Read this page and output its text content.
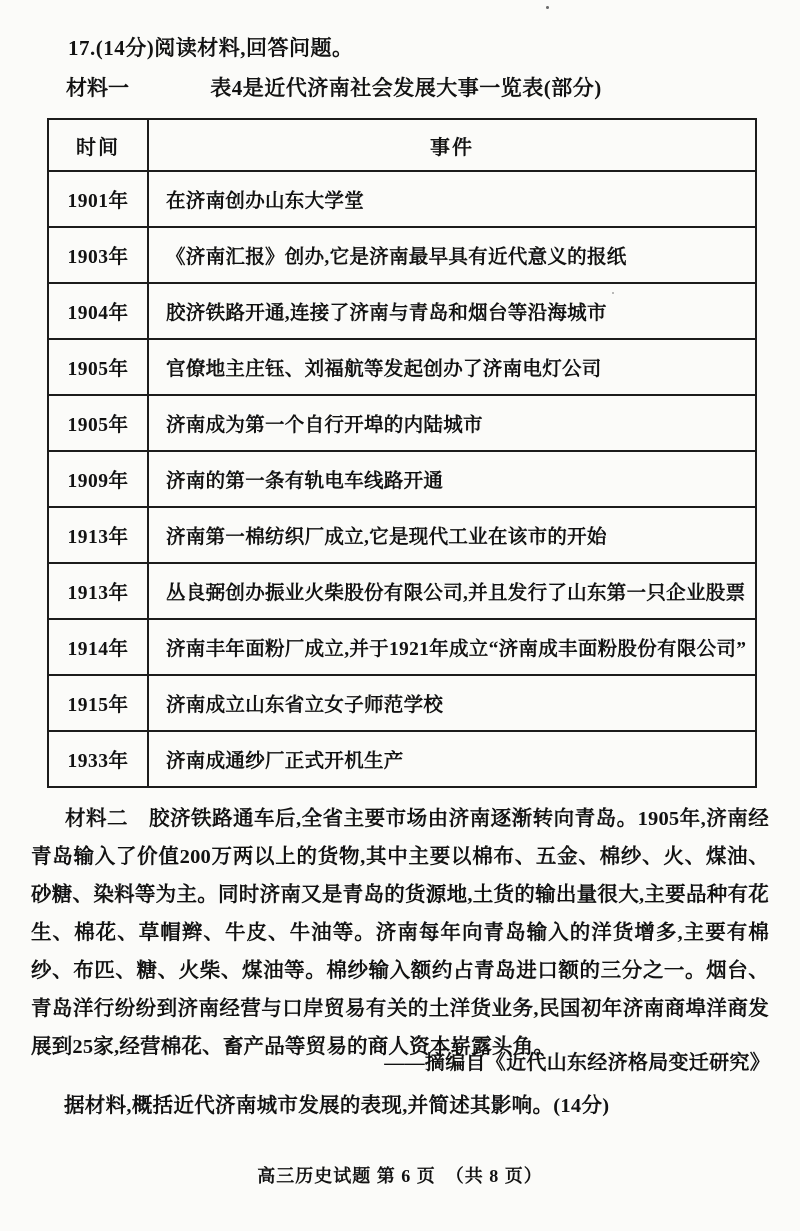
17.(14分)阅读材料,回答问题。
材料一	表4是近代济南社会发展大事一览表(部分)
时间	事件
1901年	在济南创办山东大学堂
1903年	《济南汇报》创办,它是济南最早具有近代意义的报纸
1904年	胶济铁路开通,连接了济南与青岛和烟台等沿海城市
1905年	官僚地主庄钰、刘福航等发起创办了济南电灯公司
1905年	济南成为第一个自行开埠的内陆城市
1909年	济南的第一条有轨电车线路开通
1913年	济南第一棉纺织厂成立,它是现代工业在该市的开始
1913年	丛良弼创办振业火柴股份有限公司,并且发行了山东第一只企业股票
1914年	济南丰年面粉厂成立,并于1921年成立“济南成丰面粉股份有限公司”
1915年	济南成立山东省立女子师范学校
1933年	济南成通纱厂正式开机生产
材料二  胶济铁路通车后,全省主要市场由济南逐渐转向青岛。1905年,济南经青岛输入了价值200万两以上的货物,其中主要以棉布、五金、棉纱、火、煤油、砂糖、染料等为主。同时济南又是青岛的货源地,土货的输出量很大,主要品种有花生、棉花、草帽辫、牛皮、牛油等。济南每年向青岛输入的洋货增多,主要有棉纱、布匹、糖、火柴、煤油等。棉纱输入额约占青岛进口额的三分之一。烟台、青岛洋行纷纷到济南经营与口岸贸易有关的土洋货业务,民国初年济南商埠洋商发展到25家,经营棉花、畜产品等贸易的商人资本崭露头角。
——摘编自《近代山东经济格局变迁研究》
据材料,概括近代济南城市发展的表现,并简述其影响。(14分)
高三历史试题 第 6 页　（共 8 页）
